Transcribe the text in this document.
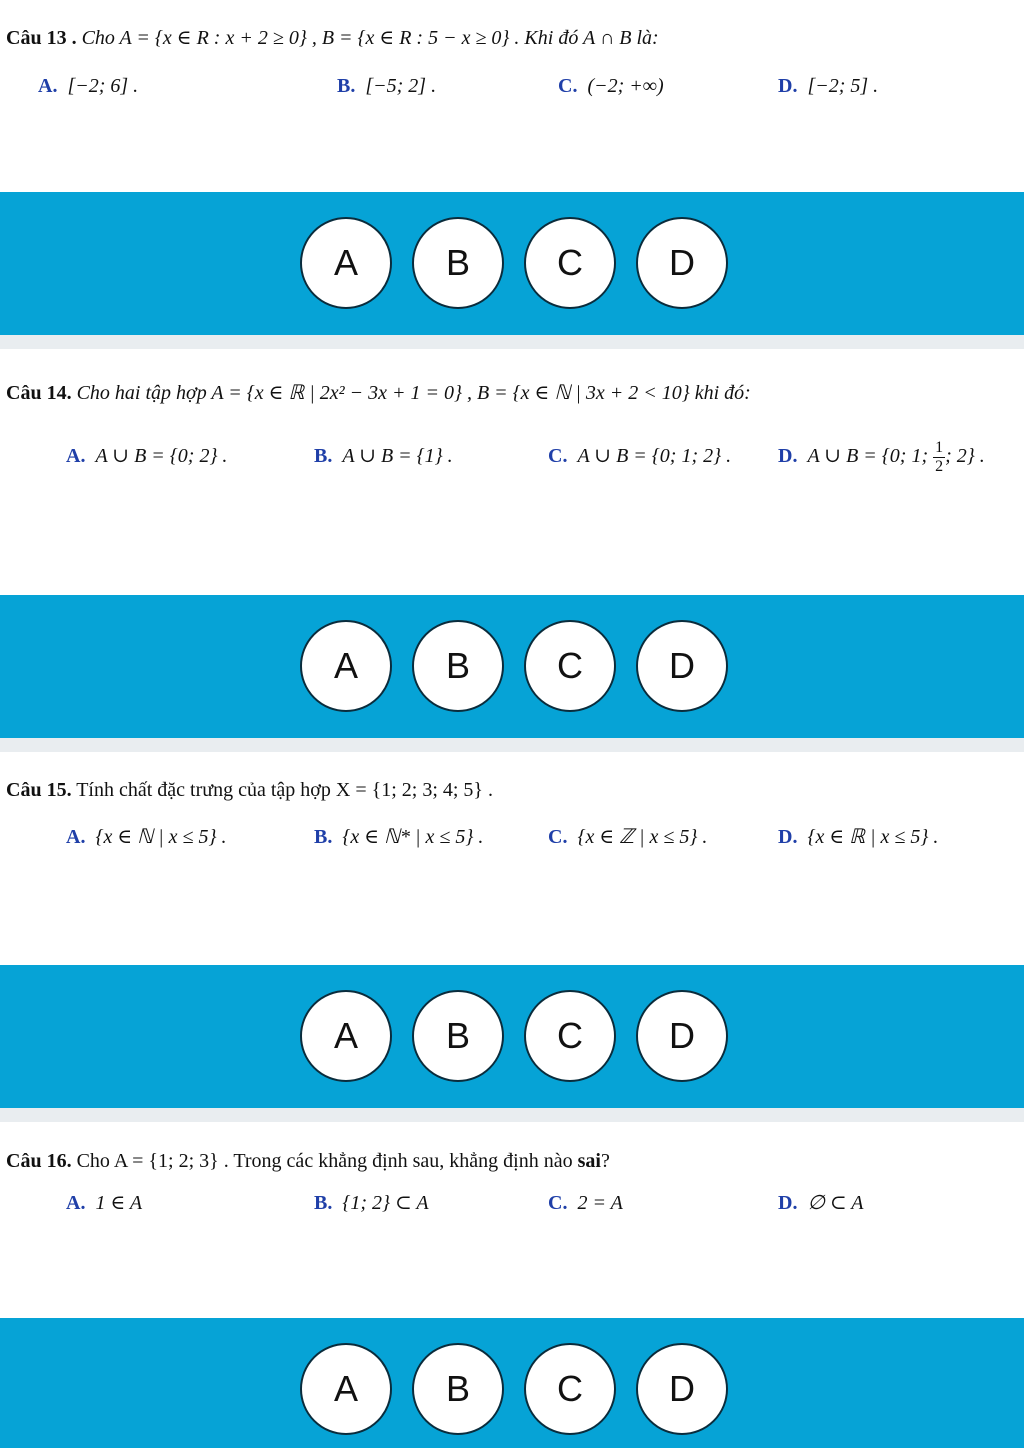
Câu 13 . Cho A = {x ∈ R : x + 2 ≥ 0} , B = {x ∈ R : 5 − x ≥ 0} . Khi đó A ∩ B là:
A. [−2; 6] .	B. [−5; 2] .	C. (−2; +∞)	D. [−2; 5] .
A	B	C	D
Câu 14. Cho hai tập hợp A = {x ∈ ℝ | 2x² − 3x + 1 = 0} , B = {x ∈ ℕ | 3x + 2 < 10} khi đó:
A. A ∪ B = {0; 2} .	B. A ∪ B = {1} .	C. A ∪ B = {0; 1; 2} . D. A ∪ B = {0; 1; $\frac{1}{2}$ ; 2} .
A	B	C	D
Câu 15. Tính chất đặc trưng của tập hợp X = {1; 2; 3; 4; 5} .
A. {x ∈ ℕ | x ≤ 5} .	B. {x ∈ ℕ* | x ≤ 5} .	C. {x ∈ ℤ | x ≤ 5} .	D. {x ∈ ℝ | x ≤ 5} .
A	B	C	D
Câu 16. Cho A = {1; 2; 3} . Trong các khẳng định sau, khẳng định nào sai?
A. 1 ∈ A	B. {1; 2} ⊂ A	C. 2 = A	D. ∅ ⊂ A
A	B	C	D
